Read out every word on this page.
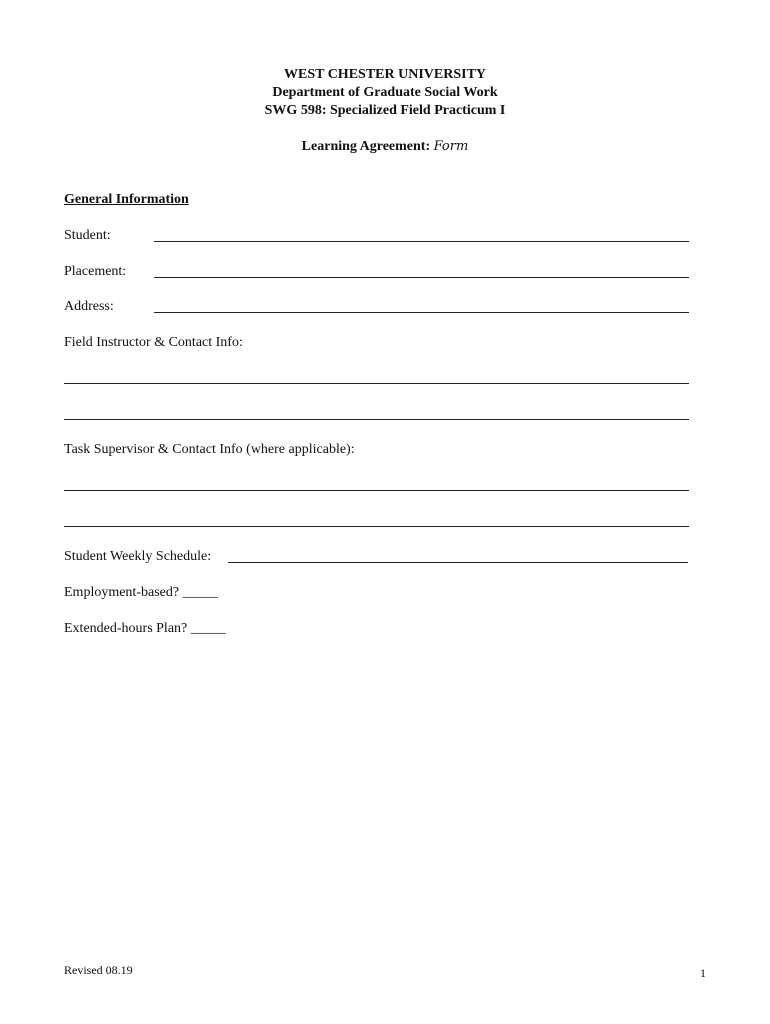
WEST CHESTER UNIVERSITY
Department of Graduate Social Work
SWG 598: Specialized Field Practicum I
Learning Agreement: Form
General Information
Student:
Placement:
Address:
Field Instructor & Contact Info:
Task Supervisor & Contact Info (where applicable):
Student Weekly Schedule:
Employment-based? _____
Extended-hours Plan? _____
Revised 08.19	1
